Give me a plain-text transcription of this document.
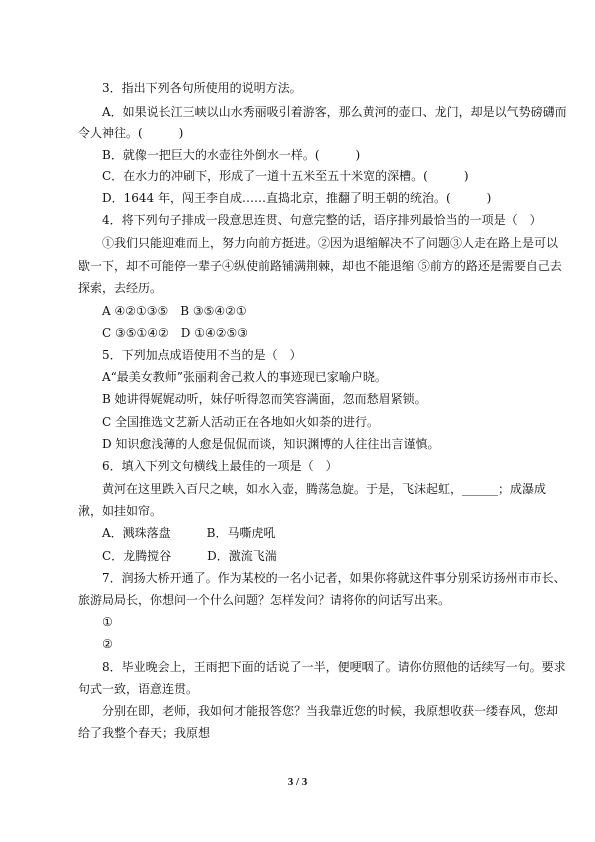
3．指出下列各句所使用的说明方法。
A．如果说长江三峡以山水秀丽吸引着游客，那么黄河的壶口、龙门，却是以气势磅礴而
令人神往。(　　　)
B．就像一把巨大的水壶往外倒水一样。(　　　)
C．在水力的冲刷下，形成了一道十五米至五十米宽的深槽。(　　　)
D．1644 年，闯王李自成……直捣北京，推翻了明王朝的统治。(　　　)
4．将下列句子排成一段意思连贯、句意完整的话，语序排列最恰当的一项是（　）
①我们只能迎难而上，努力向前方挺进。②因为退缩解决不了问题③人走在路上是可以
歇一下，却不可能停一辈子④纵使前路铺满荆棘，却也不能退缩 ⑤前方的路还是需要自己去
探索，去经历。
A ④②①③⑤　B ③⑤④②①
C ③⑤①④②　D ①④②⑤③
5．下列加点成语使用不当的是（　）
A“最美女教师”张丽莉舍己救人的事迹现已家喻户晓。
B 她讲得娓娓动听，妹仔听得忽而笑容满面，忽而愁眉紧锁。
C 全国推选文艺新人活动正在各地如火如荼的进行。
D 知识愈浅薄的人愈是侃侃而谈，知识渊博的人往往出言谨慎。
6．填入下列文句横线上最佳的一项是（　）
黄河在这里跌入百尺之峡，如水入壶，腾荡急旋。于是，飞沫起虹，______；成瀑成
湫，如挂如帘。
A．溅珠落盘　　　B．马嘶虎吼
C．龙腾搅谷　　　D．激流飞湍
7．润扬大桥开通了。作为某校的一名小记者，如果你将就这件事分别采访扬州市市长、
旅游局局长，你想问一个什么问题？怎样发问？请将你的问话写出来。
①
②
8．毕业晚会上，王雨把下面的话说了一半，便哽咽了。请你仿照他的话续写一句。要求
句式一致，语意连贯。
分别在即，老师，我如何才能报答您？当我靠近您的时候，我原想收获一缕春风，您却
给了我整个春天；我原想
3 / 3
